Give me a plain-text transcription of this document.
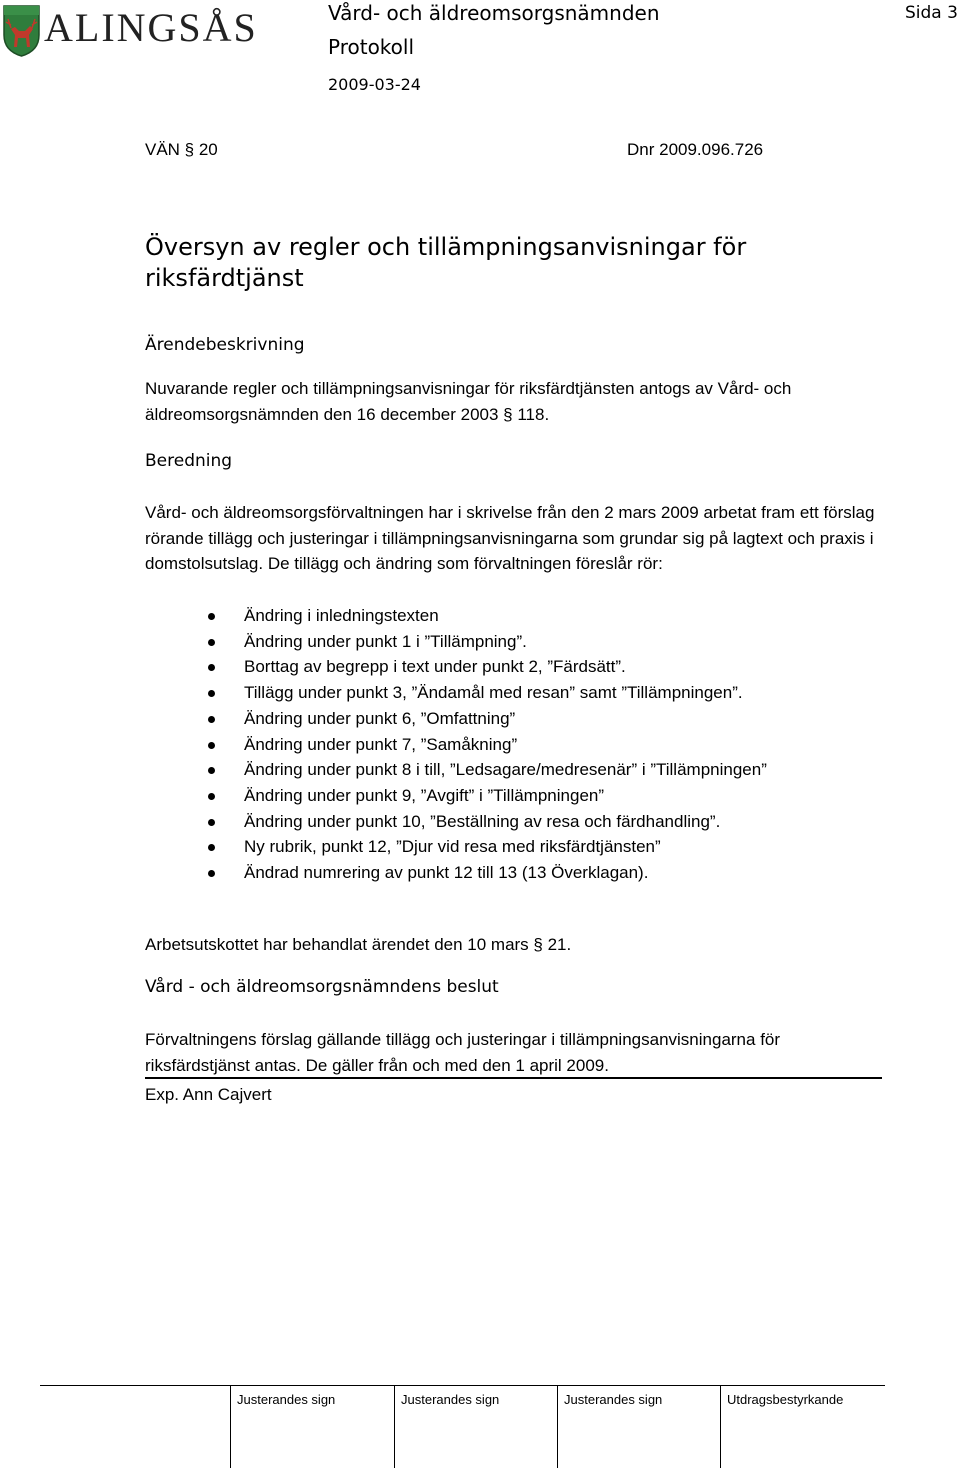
ALINGSÅS	Vård- och äldreomsorgsnämnden
Protokoll
2009-03-24
Sida 3
VÄN § 20	Dnr 2009.096.726
Översyn av regler och tillämpningsanvisningar för riksfärdtjänst
Ärendebeskrivning
Nuvarande regler och tillämpningsanvisningar för riksfärdtjänsten antogs av Vård- och äldreomsorgsnämnden den 16 december 2003 § 118.
Beredning
Vård- och äldreomsorgsförvaltningen har i skrivelse från den 2 mars 2009 arbetat fram ett förslag rörande tillägg och justeringar i tillämpningsanvisningarna som grundar sig på lagtext och praxis i domstolsutslag. De tillägg och ändring som förvaltningen föreslår rör:
Ändring i inledningstexten
Ändring under punkt 1 i ”Tillämpning”.
Borttag av begrepp i text under punkt 2, ”Färdsätt”.
Tillägg under punkt 3, ”Ändamål med resan” samt ”Tillämpningen”.
Ändring under punkt 6, ”Omfattning”
Ändring under punkt 7, ”Samåkning”
Ändring under punkt 8 i till, ”Ledsagare/medresenär” i ”Tillämpningen”
Ändring under punkt 9, ”Avgift” i ”Tillämpningen”
Ändring under punkt 10, ”Beställning av resa och färdhandling”.
Ny rubrik, punkt 12, ”Djur vid resa med riksfärdtjänsten”
Ändrad numrering av punkt 12 till 13 (13 Överklagan).
Arbetsutskottet har behandlat ärendet den 10 mars § 21.
Vård - och äldreomsorgsnämndens beslut
Förvaltningens förslag gällande tillägg och justeringar i tillämpningsanvisningarna för riksfärdstjänst antas. De gäller från och med den 1 april 2009.
Exp. Ann Cajvert
Justerandes sign	Justerandes sign	Justerandes sign	Utdragsbestyrkande
